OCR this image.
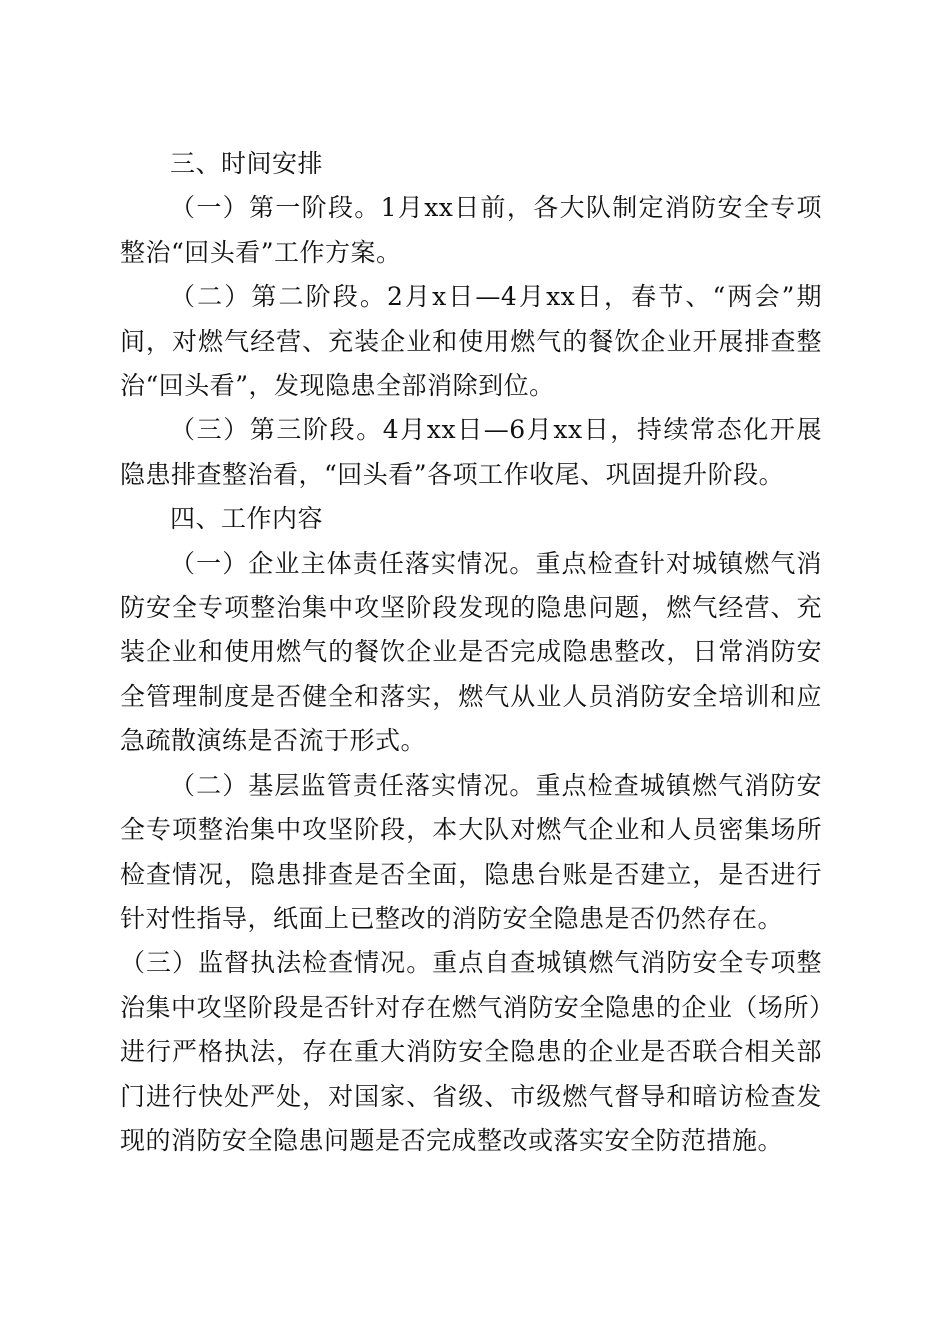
三、时间安排

（一）第一阶段。1月xx日前，各大队制定消防安全专项整治“回头看”工作方案。

（二）第二阶段。2月x日—4月xx日，春节、“两会”期间，对燃气经营、充装企业和使用燃气的餐饮企业开展排查整治“回头看”，发现隐患全部消除到位。

（三）第三阶段。4月xx日—6月xx日，持续常态化开展隐患排查整治看，“回头看”各项工作收尾、巩固提升阶段。

四、工作内容

（一）企业主体责任落实情况。重点检查针对城镇燃气消防安全专项整治集中攻坚阶段发现的隐患问题，燃气经营、充装企业和使用燃气的餐饮企业是否完成隐患整改，日常消防安全管理制度是否健全和落实，燃气从业人员消防安全培训和应急疏散演练是否流于形式。

（二）基层监管责任落实情况。重点检查城镇燃气消防安全专项整治集中攻坚阶段，本大队对燃气企业和人员密集场所检查情况，隐患排查是否全面，隐患台账是否建立，是否进行针对性指导，纸面上已整改的消防安全隐患是否仍然存在。

（三）监督执法检查情况。重点自查城镇燃气消防安全专项整治集中攻坚阶段是否针对存在燃气消防安全隐患的企业（场所）进行严格执法，存在重大消防安全隐患的企业是否联合相关部门进行快处严处，对国家、省级、市级燃气督导和暗访检查发现的消防安全隐患问题是否完成整改或落实安全防范措施。
